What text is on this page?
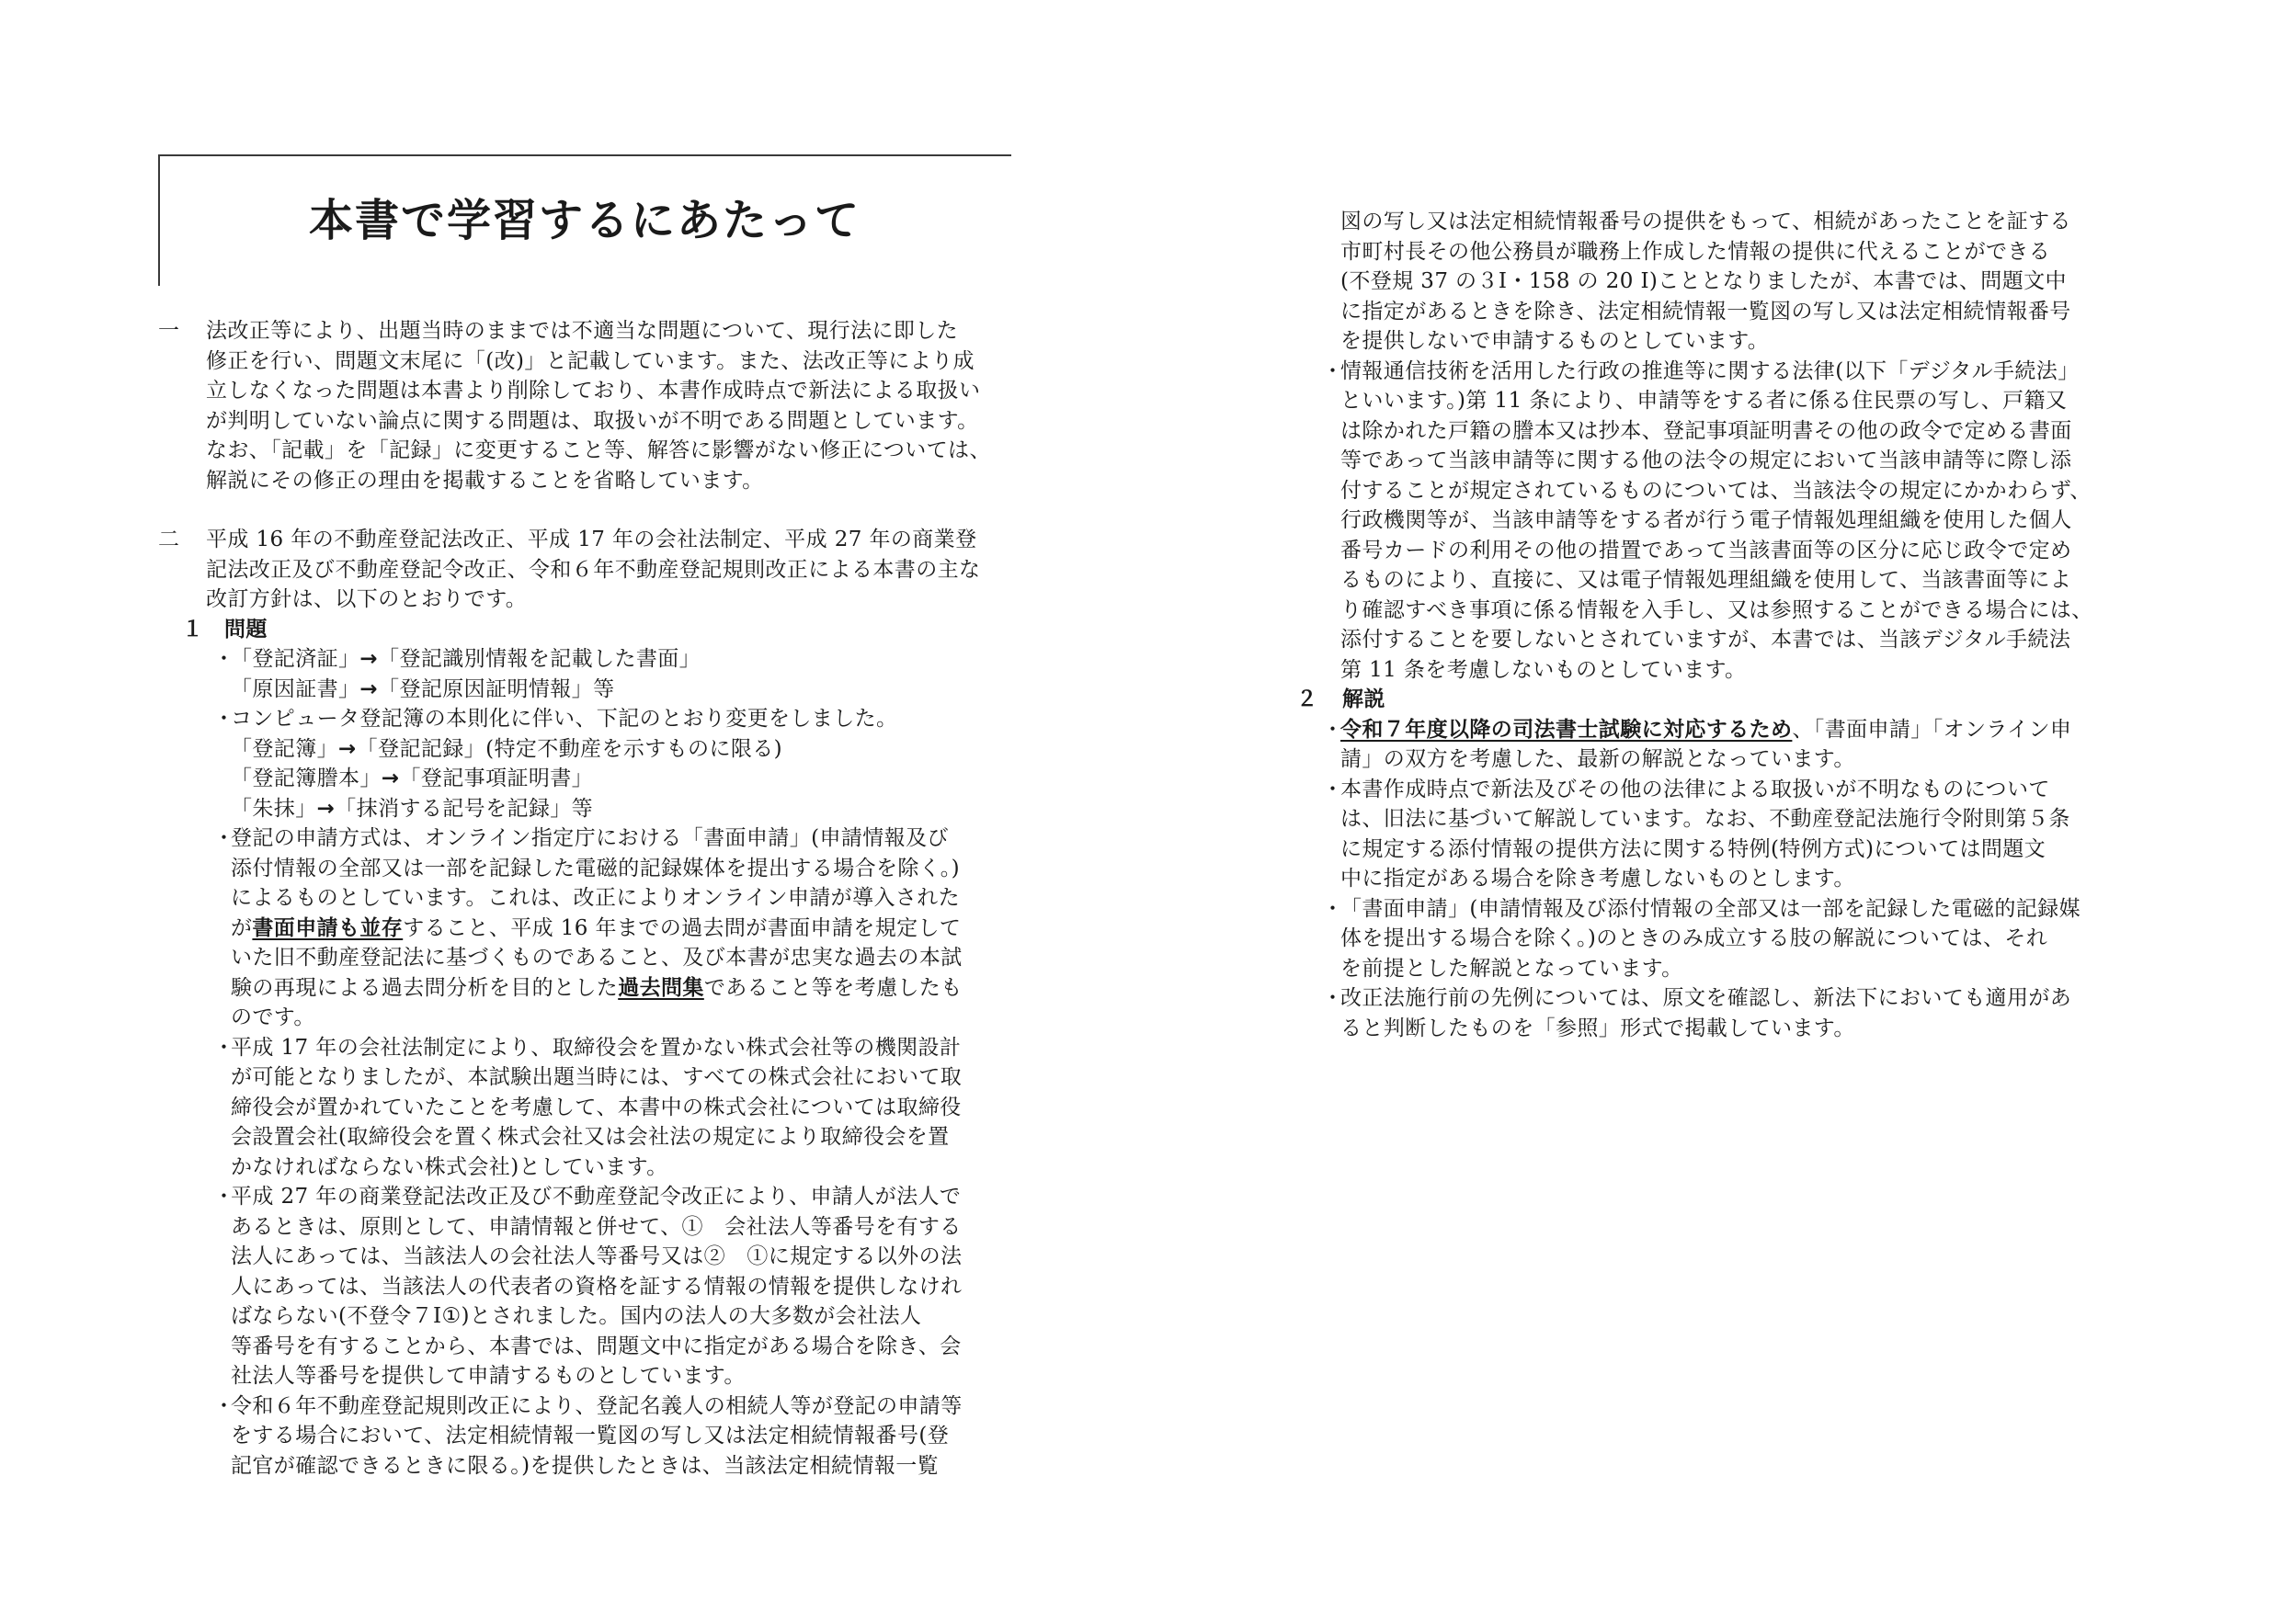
本書で学習するにあたって
一 法改正等により、出題当時のままでは不適当な問題について、現行法に即した
修正を行い、問題文末尾に「(改)」と記載しています。また、法改正等により成
立しなくなった問題は本書より削除しており、本書作成時点で新法による取扱い
が判明していない論点に関する問題は、取扱いが不明である問題としています。
なお、「記載」を「記録」に変更すること等、解答に影響がない修正については、
解説にその修正の理由を掲載することを省略しています。
二 平成 16 年の不動産登記法改正、平成 17 年の会社法制定、平成 27 年の商業登
記法改正及び不動産登記令改正、令和６年不動産登記規則改正による本書の主な
改訂方針は、以下のとおりです。
１ 問題
・
「登記済証」→「登記識別情報を記載した書面」
「原因証書」→「登記原因証明情報」等
・
コンピュータ登記簿の本則化に伴い、下記のとおり変更をしました。
「登記簿」→「登記記録」(特定不動産を示すものに限る)
「登記簿謄本」→「登記事項証明書」
「朱抹」→「抹消する記号を記録」等
・
登記の申請方式は、オンライン指定庁における「書面申請」(申請情報及び
添付情報の全部又は一部を記録した電磁的記録媒体を提出する場合を除く。)
によるものとしています。これは、改正によりオンライン申請が導入された
が書面申請も並存すること、平成 16 年までの過去問が書面申請を規定して
いた旧不動産登記法に基づくものであること、及び本書が忠実な過去の本試
験の再現による過去問分析を目的とした過去問集であること等を考慮したも
のです。
・
平成 17 年の会社法制定により、取締役会を置かない株式会社等の機関設計
が可能となりましたが、本試験出題当時には、すべての株式会社において取
締役会が置かれていたことを考慮して、本書中の株式会社については取締役
会設置会社(取締役会を置く株式会社又は会社法の規定により取締役会を置
かなければならない株式会社)としています。
・
平成 27 年の商業登記法改正及び不動産登記令改正により、申請人が法人で
あるときは、原則として、申請情報と併せて、①　会社法人等番号を有する
法人にあっては、当該法人の会社法人等番号又は②　①に規定する以外の法
人にあっては、当該法人の代表者の資格を証する情報の情報を提供しなけれ
ばならない(不登令７Ⅰ①)とされました。国内の法人の大多数が会社法人
等番号を有することから、本書では、問題文中に指定がある場合を除き、会
社法人等番号を提供して申請するものとしています。
・
令和６年不動産登記規則改正により、登記名義人の相続人等が登記の申請等
をする場合において、法定相続情報一覧図の写し又は法定相続情報番号(登
記官が確認できるときに限る。)を提供したときは、当該法定相続情報一覧
図の写し又は法定相続情報番号の提供をもって、相続があったことを証する
市町村長その他公務員が職務上作成した情報の提供に代えることができる
(不登規 37 の３Ⅰ・158 の 20 Ⅰ)こととなりましたが、本書では、問題文中
に指定があるときを除き、法定相続情報一覧図の写し又は法定相続情報番号
を提供しないで申請するものとしています。
・
情報通信技術を活用した行政の推進等に関する法律(以下「デジタル手続法」
といいます。)第 11 条により、申請等をする者に係る住民票の写し、戸籍又
は除かれた戸籍の謄本又は抄本、登記事項証明書その他の政令で定める書面
等であって当該申請等に関する他の法令の規定において当該申請等に際し添
付することが規定されているものについては、当該法令の規定にかかわらず、
行政機関等が、当該申請等をする者が行う電子情報処理組織を使用した個人
番号カードの利用その他の措置であって当該書面等の区分に応じ政令で定め
るものにより、直接に、又は電子情報処理組織を使用して、当該書面等によ
り確認すべき事項に係る情報を入手し、又は参照することができる場合には、
添付することを要しないとされていますが、本書では、当該デジタル手続法
第 11 条を考慮しないものとしています。
２ 解説
・
令和７年度以降の司法書士試験に対応するため、「書面申請」「オンライン申
請」の双方を考慮した、最新の解説となっています。
・
本書作成時点で新法及びその他の法律による取扱いが不明なものについて
は、旧法に基づいて解説しています。なお、不動産登記法施行令附則第５条
に規定する添付情報の提供方法に関する特例(特例方式)については問題文
中に指定がある場合を除き考慮しないものとします。
・
「書面申請」(申請情報及び添付情報の全部又は一部を記録した電磁的記録媒
体を提出する場合を除く。)のときのみ成立する肢の解説については、それ
を前提とした解説となっています。
・
改正法施行前の先例については、原文を確認し、新法下においても適用があ
ると判断したものを「参照」形式で掲載しています。
